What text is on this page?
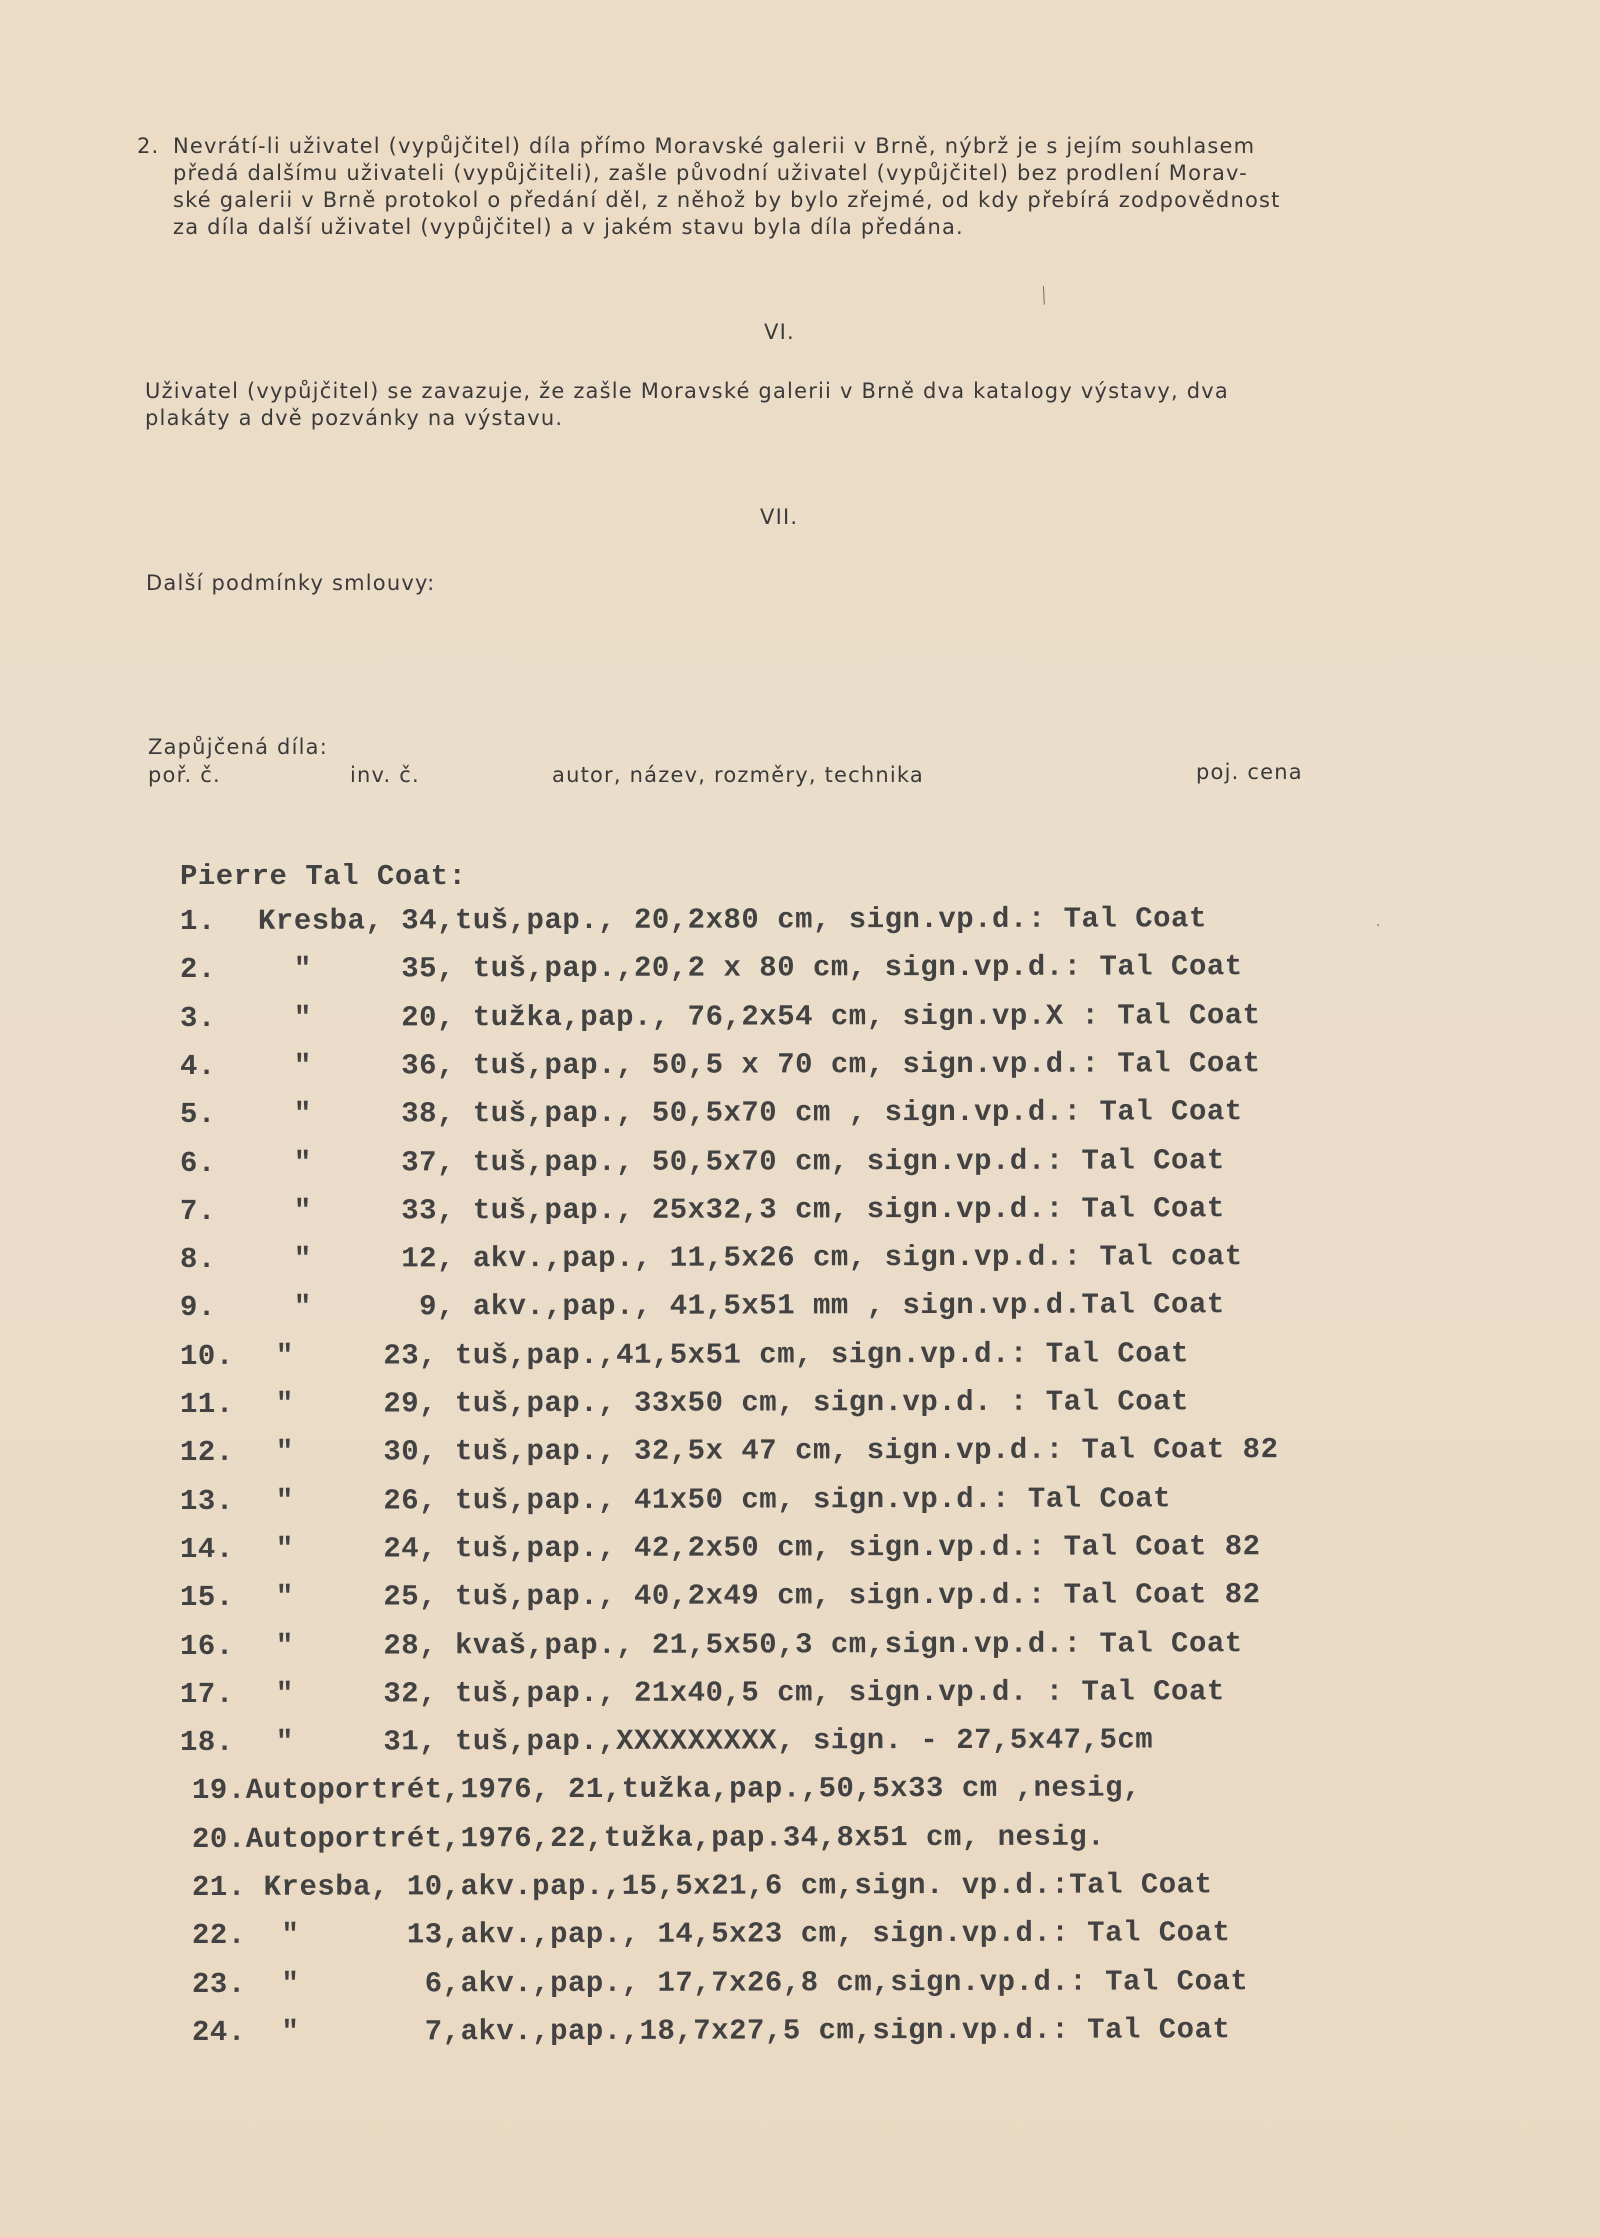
2. Nevrátí-li uživatel (vypůjčitel) díla přímo Moravské galerii v Brně, nýbrž je s jejím souhlasem
předá dalšímu uživateli (vypůjčiteli), zašle původní uživatel (vypůjčitel) bez prodlení Morav-
ské galerii v Brně protokol o předání děl, z něhož by bylo zřejmé, od kdy přebírá zodpovědnost
za díla další uživatel (vypůjčitel) a v jakém stavu byla díla předána.
VI.
Uživatel (vypůjčitel) se zavazuje, že zašle Moravské galerii v Brně dva katalogy výstavy, dva
plakáty a dvě pozvánky na výstavu.
VII.
Další podmínky smlouvy:
Zapůjčená díla:
poř. č.	inv. č.	autor, název, rozměry, technika	poj. cena
Pierre Tal Coat:
1. Kresba, 34,tuš,pap., 20,2x80 cm, sign.vp.d.: Tal Coat
2.  "     35, tuš,pap.,20,2 x 80 cm, sign.vp.d.: Tal Coat
3.  "     20, tužka,pap., 76,2x54 cm, sign.vp.X : Tal Coat
4.  "     36, tuš,pap., 50,5 x 70 cm, sign.vp.d.: Tal Coat
5.  "     38, tuš,pap., 50,5x70 cm , sign.vp.d.: Tal Coat
6.  "     37, tuš,pap., 50,5x70 cm, sign.vp.d.: Tal Coat
7.  "     33, tuš,pap., 25x32,3 cm, sign.vp.d.: Tal Coat
8.  "     12, akv.,pap., 11,5x26 cm, sign.vp.d.: Tal coat
9.  "      9, akv.,pap., 41,5x51 mm , sign.vp.d.Tal Coat
10. "     23, tuš,pap.,41,5x51 cm, sign.vp.d.: Tal Coat
11. "     29, tuš,pap., 33x50 cm, sign.vp.d. : Tal Coat
12. "     30, tuš,pap., 32,5x 47 cm, sign.vp.d.: Tal Coat 82
13. "     26, tuš,pap., 41x50 cm, sign.vp.d.: Tal Coat
14. "     24, tuš,pap., 42,2x50 cm, sign.vp.d.: Tal Coat 82
15. "     25, tuš,pap., 40,2x49 cm, sign.vp.d.: Tal Coat 82
16. "     28, kvaš,pap., 21,5x50,3 cm,sign.vp.d.: Tal Coat
17. "     32, tuš,pap., 21x40,5 cm, sign.vp.d. : Tal Coat
18. "     31, tuš,pap.,XXXXXXXXX, sign. - 27,5x47,5cm
19.Autoportrét,1976, 21,tužka,pap.,50,5x33 cm ,nesig,
20.Autoportrét,1976,22,tužka,pap.34,8x51 cm, nesig.
21. Kresba, 10,akv.pap.,15,5x21,6 cm,sign. vp.d.:Tal Coat
22.  "      13,akv.,pap., 14,5x23 cm, sign.vp.d.: Tal Coat
23.  "       6,akv.,pap., 17,7x26,8 cm,sign.vp.d.: Tal Coat
24.  "       7,akv.,pap.,18,7x27,5 cm,sign.vp.d.: Tal Coat
╱
·
